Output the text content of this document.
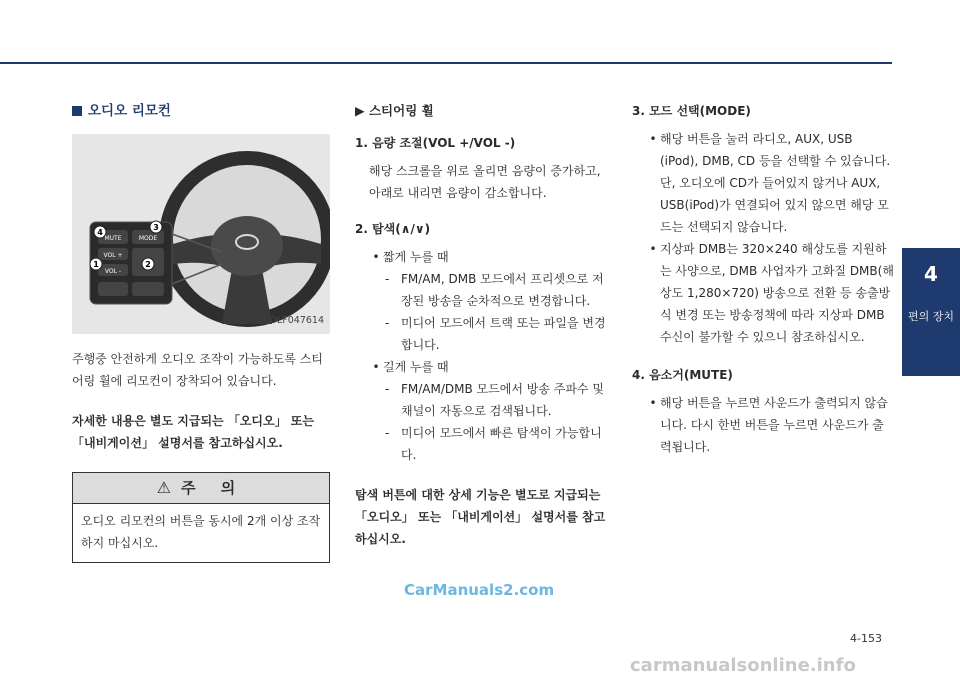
4
편의 장치
오디오 리모컨
MUTE	MODE
VOL +
VOL -
4
3
1	2
OLF047614

주행중 안전하게 오디오 조작이 가능하도록 스티어링 휠에 리모컨이 장착되어 있습니다.

자세한 내용은 별도 지급되는 「오디오」 또는 「내비게이션」 설명서를 참고하십시오.

⚠ 주 의
오디오 리모컨의 버튼을 동시에 2개 이상 조작하지 마십시오.
▶ 스티어링 휠
1. 음량 조절(VOL +/VOL -)
해당 스크롤을 위로 올리면 음량이 증가하고, 아래로 내리면 음량이 감소합니다.
2. 탐색(∧/∨)
• 짧게 누를 때
- FM/AM, DMB 모드에서 프리셋으로 저장된 방송을 순차적으로 변경합니다.
- 미디어 모드에서 트랙 또는 파일을 변경합니다.
• 길게 누를 때
- FM/AM/DMB 모드에서 방송 주파수 및 채널이 자동으로 검색됩니다.
- 미디어 모드에서 빠른 탐색이 가능합니다.

탐색 버튼에 대한 상세 기능은 별도로 지급되는 「오디오」 또는 「내비게이션」 설명서를 참고하십시오.

3. 모드 선택(MODE)
• 해당 버튼을 눌러 라디오, AUX, USB (iPod), DMB, CD 등을 선택할 수 있습니다. 단, 오디오에 CD가 들어있지 않거나 AUX, USB(iPod)가 연결되어 있지 않으면 해당 모드는 선택되지 않습니다.
• 지상파 DMB는 320×240 해상도를 지원하는 사양으로, DMB 사업자가 고화질 DMB(해상도 1,280×720) 방송으로 전환 등 송출방식 변경 또는 방송정책에 따라 지상파 DMB 수신이 불가할 수 있으니 참조하십시오.
4. 음소거(MUTE)
• 해당 버튼을 누르면 사운드가 출력되지 않습니다. 다시 한번 버튼을 누르면 사운드가 출력됩니다.
4-153
CarManuals2.com
carmanualsonline.info
